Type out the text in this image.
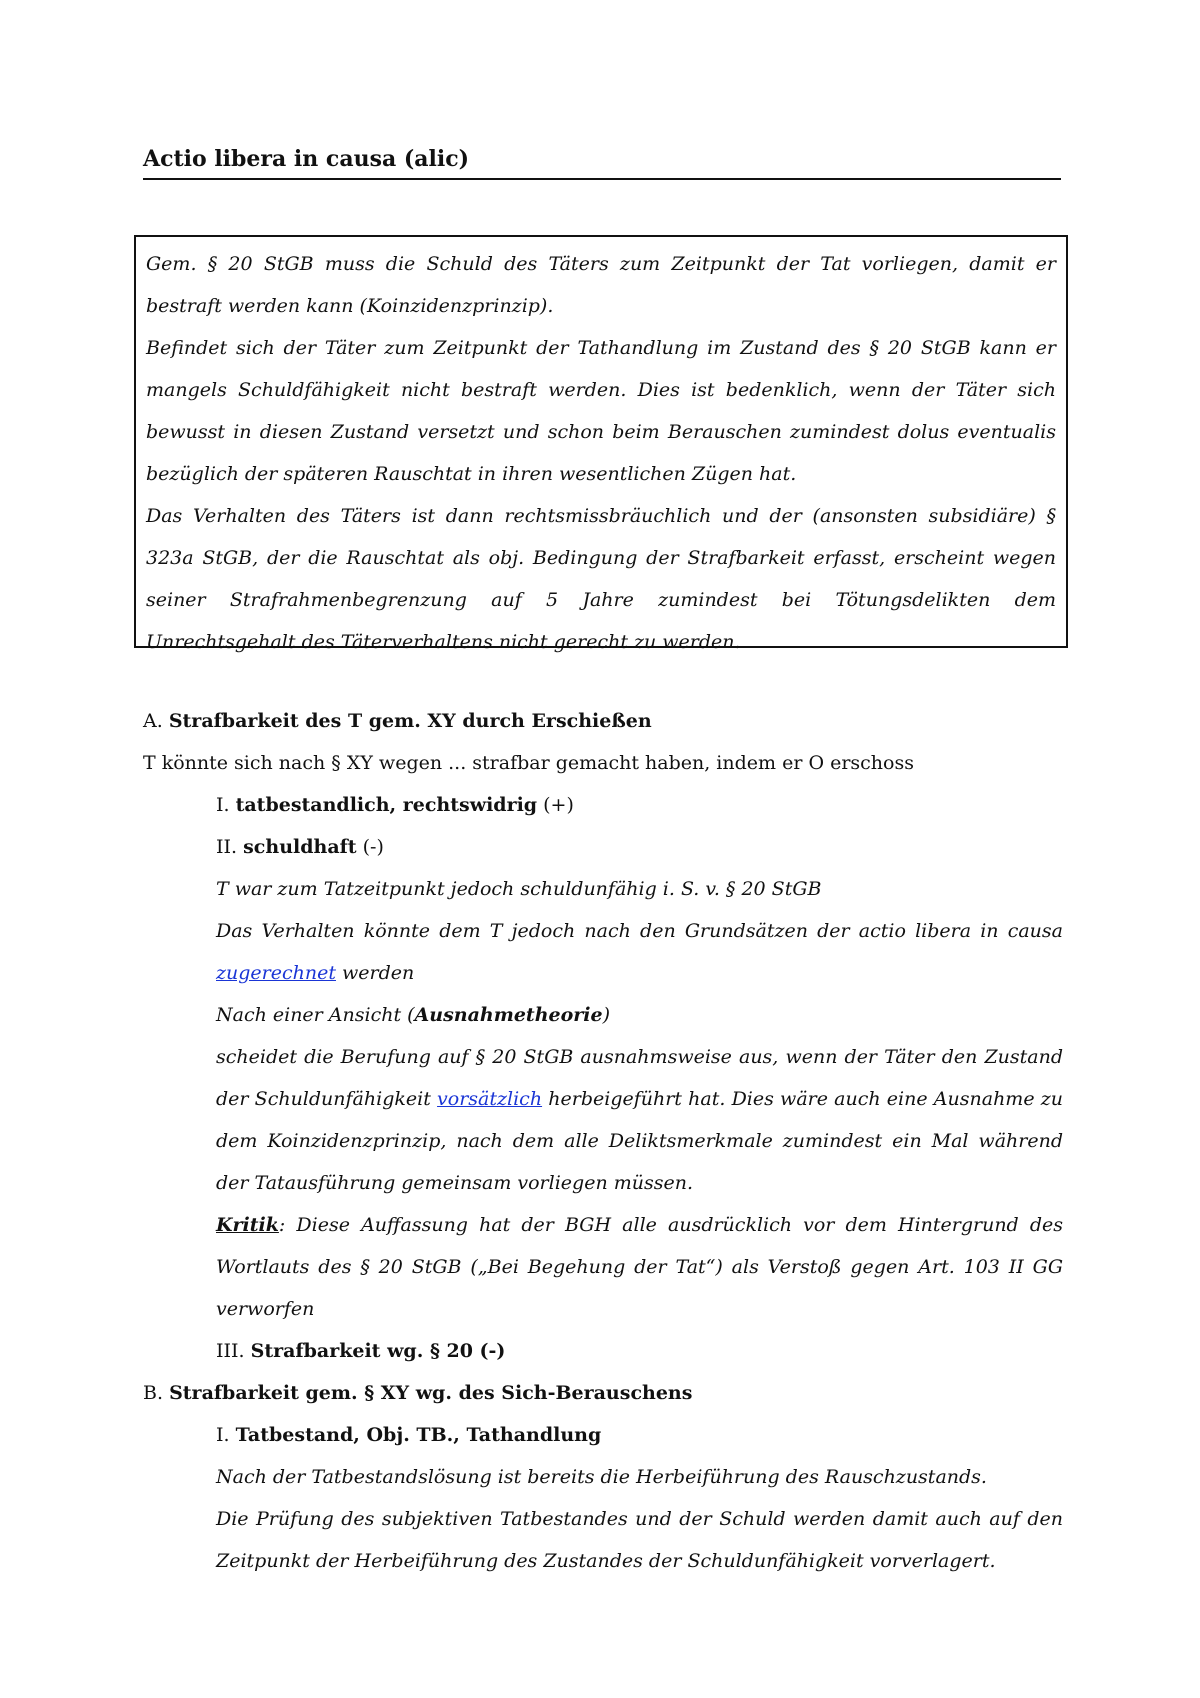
Actio libera in causa (alic)

Gem. § 20 StGB muss die Schuld des Täters zum Zeitpunkt der Tat vorliegen, damit er bestraft werden kann (Koinzidenzprinzip).

Befindet sich der Täter zum Zeitpunkt der Tathandlung im Zustand des § 20 StGB kann er mangels Schuldfähigkeit nicht bestraft werden. Dies ist bedenklich, wenn der Täter sich bewusst in diesen Zustand versetzt und schon beim Berauschen zumindest dolus eventualis bezüglich der späteren Rauschtat in ihren wesentlichen Zügen hat.

Das Verhalten des Täters ist dann rechtsmissbräuchlich und der (ansonsten subsidiäre) § 323a StGB, der die Rauschtat als obj. Bedingung der Strafbarkeit erfasst, erscheint wegen seiner Strafrahmenbegrenzung auf 5 Jahre zumindest bei Tötungsdelikten dem Unrechtsgehalt des Täterverhaltens nicht gerecht zu werden.

A. Strafbarkeit des T gem. XY durch Erschießen

T könnte sich nach § XY wegen ... strafbar gemacht haben, indem er O erschoss

I. tatbestandlich, rechtswidrig (+)

II. schuldhaft (-)

T war zum Tatzeitpunkt jedoch schuldunfähig i. S. v. § 20 StGB

Das Verhalten könnte dem T jedoch nach den Grundsätzen der actio libera in causa zugerechnet werden

Nach einer Ansicht (Ausnahmetheorie)

scheidet die Berufung auf § 20 StGB ausnahmsweise aus, wenn der Täter den Zustand der Schuldunfähigkeit vorsätzlich herbeigeführt hat. Dies wäre auch eine Ausnahme zu dem Koinzidenzprinzip, nach dem alle Deliktsmerkmale zumindest ein Mal während der Tatausführung gemeinsam vorliegen müssen.

Kritik: Diese Auffassung hat der BGH alle ausdrücklich vor dem Hintergrund des Wortlauts des § 20 StGB („Bei Begehung der Tat“) als Verstoß gegen Art. 103 II GG verworfen

III. Strafbarkeit wg. § 20 (-)

B. Strafbarkeit gem. § XY wg. des Sich-Berauschens

I. Tatbestand, Obj. TB., Tathandlung

Nach der Tatbestandslösung ist bereits die Herbeiführung des Rauschzustands.

Die Prüfung des subjektiven Tatbestandes und der Schuld werden damit auch auf den Zeitpunkt der Herbeiführung des Zustandes der Schuldunfähigkeit vorverlagert.
